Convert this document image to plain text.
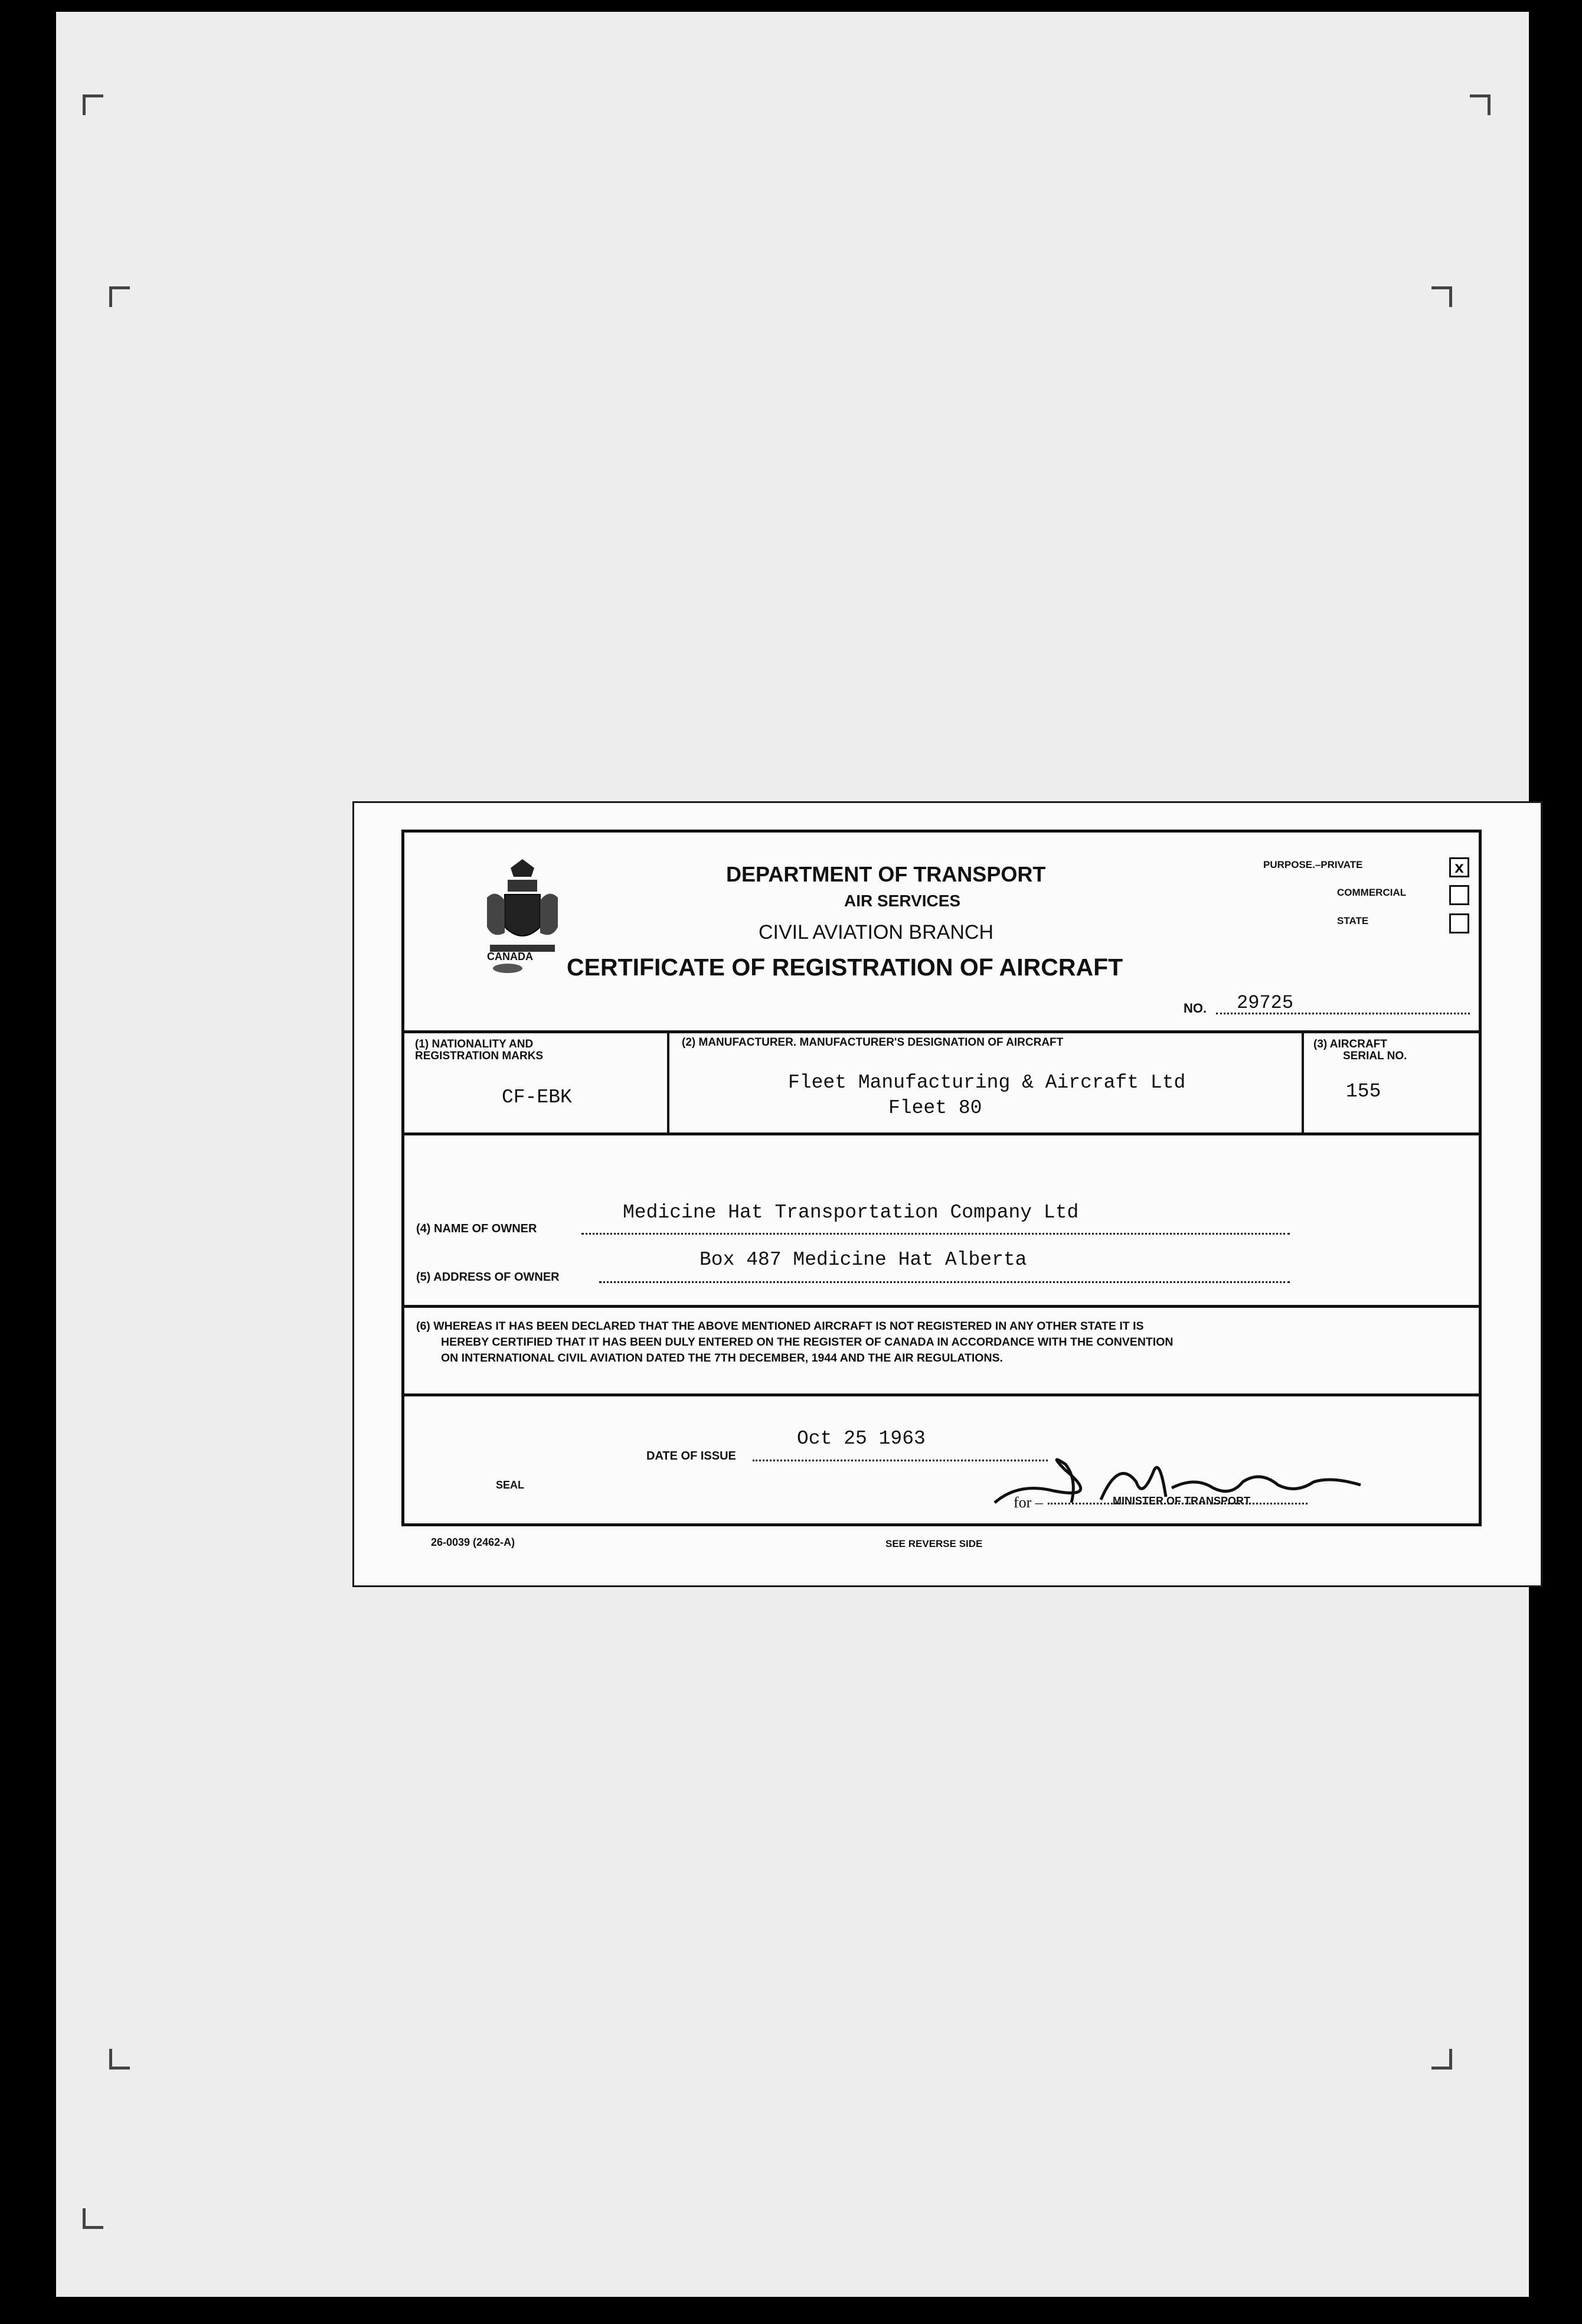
CANADA
DEPARTMENT OF TRANSPORT
AIR SERVICES
CIVIL AVIATION BRANCH
CERTIFICATE OF REGISTRATION OF AIRCRAFT
PURPOSE.–PRIVATE	x
COMMERCIAL
STATE
NO. 29725
(1) NATIONALITY AND
REGISTRATION MARKS
CF-EBK
(2) MANUFACTURER. MANUFACTURER'S DESIGNATION OF AIRCRAFT
Fleet Manufacturing & Aircraft Ltd
Fleet 80
(3) AIRCRAFT
SERIAL NO.
155
(4) NAME OF OWNER
Medicine Hat Transportation Company Ltd
(5) ADDRESS OF OWNER
Box 487 Medicine Hat Alberta
(6) WHEREAS IT HAS BEEN DECLARED THAT THE ABOVE MENTIONED AIRCRAFT IS NOT REGISTERED IN ANY OTHER STATE IT IS
HEREBY CERTIFIED THAT IT HAS BEEN DULY ENTERED ON THE REGISTER OF CANADA IN ACCORDANCE WITH THE CONVENTION
ON INTERNATIONAL CIVIL AVIATION DATED THE 7TH DECEMBER, 1944 AND THE AIR REGULATIONS.
DATE OF ISSUE
Oct 25 1963
SEAL
for –	MINISTER OF TRANSPORT
26-0039 (2462-A)	SEE REVERSE SIDE
